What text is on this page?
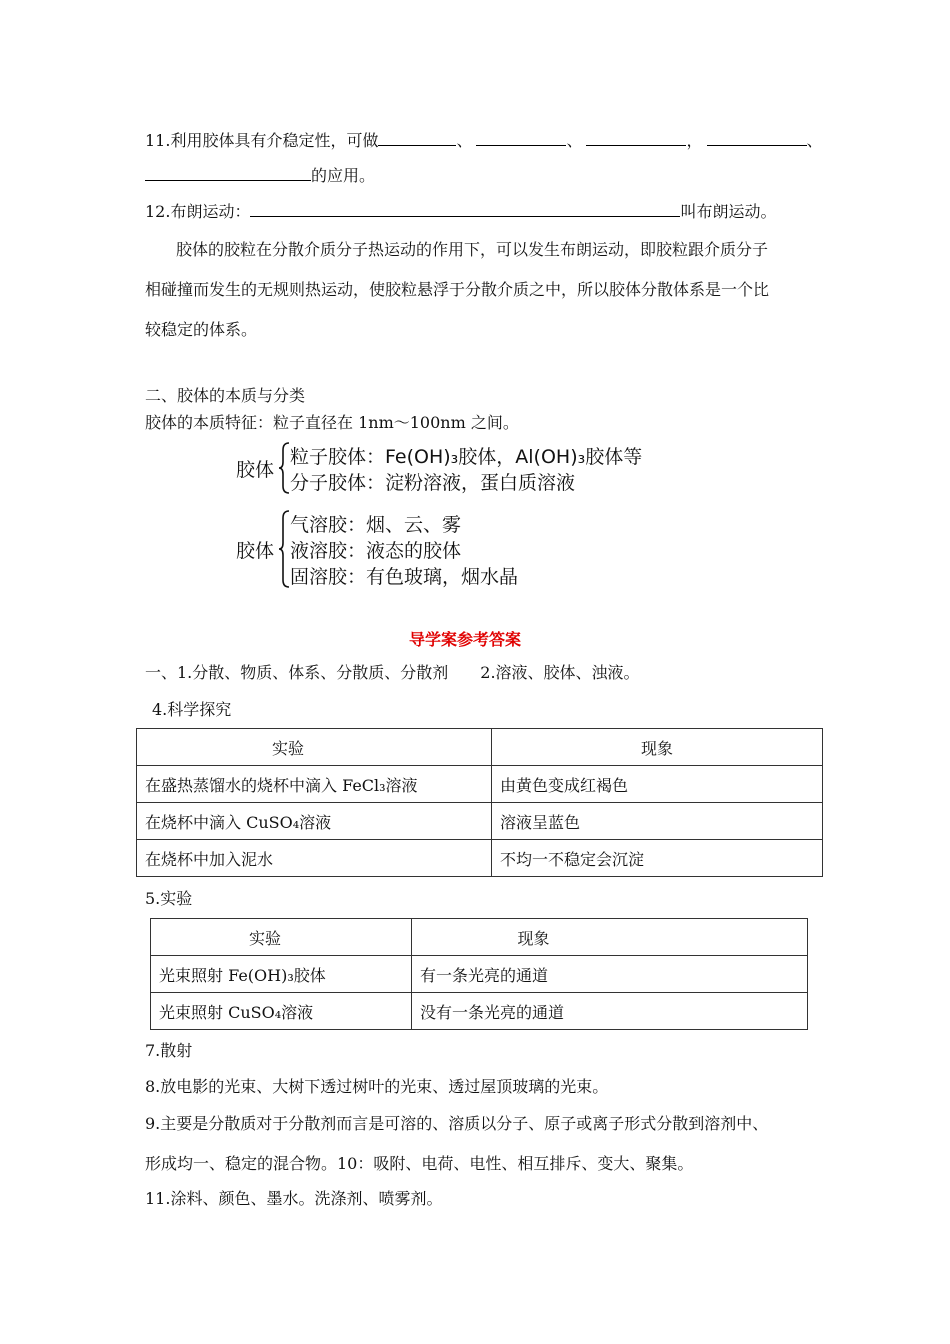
11.利用胶体具有介稳定性，可做	、	、	，	、
的应用。
12.布朗运动：	叫布朗运动。
胶体的胶粒在分散介质分子热运动的作用下，可以发生布朗运动，即胶粒跟介质分子
相碰撞而发生的无规则热运动，使胶粒悬浮于分散介质之中，所以胶体分散体系是一个比
较稳定的体系。
二、胶体的本质与分类
胶体的本质特征：粒子直径在 1nm～100nm 之间。
胶体
粒子胶体：Fe(OH)₃胶体，Al(OH)₃胶体等
分子胶体：淀粉溶液，蛋白质溶液
胶体
气溶胶：烟、云、雾
液溶胶：液态的胶体
固溶胶：有色玻璃，烟水晶
导学案参考答案
一、1.分散、物质、体系、分散质、分散剂 2.溶液、胶体、浊液。
4.科学探究
实验	现象
在盛热蒸馏水的烧杯中滴入 FeCl₃溶液	由黄色变成红褐色
在烧杯中滴入 CuSO₄溶液	溶液呈蓝色
在烧杯中加入泥水	不均一不稳定会沉淀
5.实验
实验	现象
光束照射 Fe(OH)₃胶体	有一条光亮的通道
光束照射 CuSO₄溶液	没有一条光亮的通道
7.散射
8.放电影的光束、大树下透过树叶的光束、透过屋顶玻璃的光束。
9.主要是分散质对于分散剂而言是可溶的、溶质以分子、原子或离子形式分散到溶剂中、
形成均一、稳定的混合物。10：吸附、电荷、电性、相互排斥、变大、聚集。
11.涂料、颜色、墨水。洗涤剂、喷雾剂。
